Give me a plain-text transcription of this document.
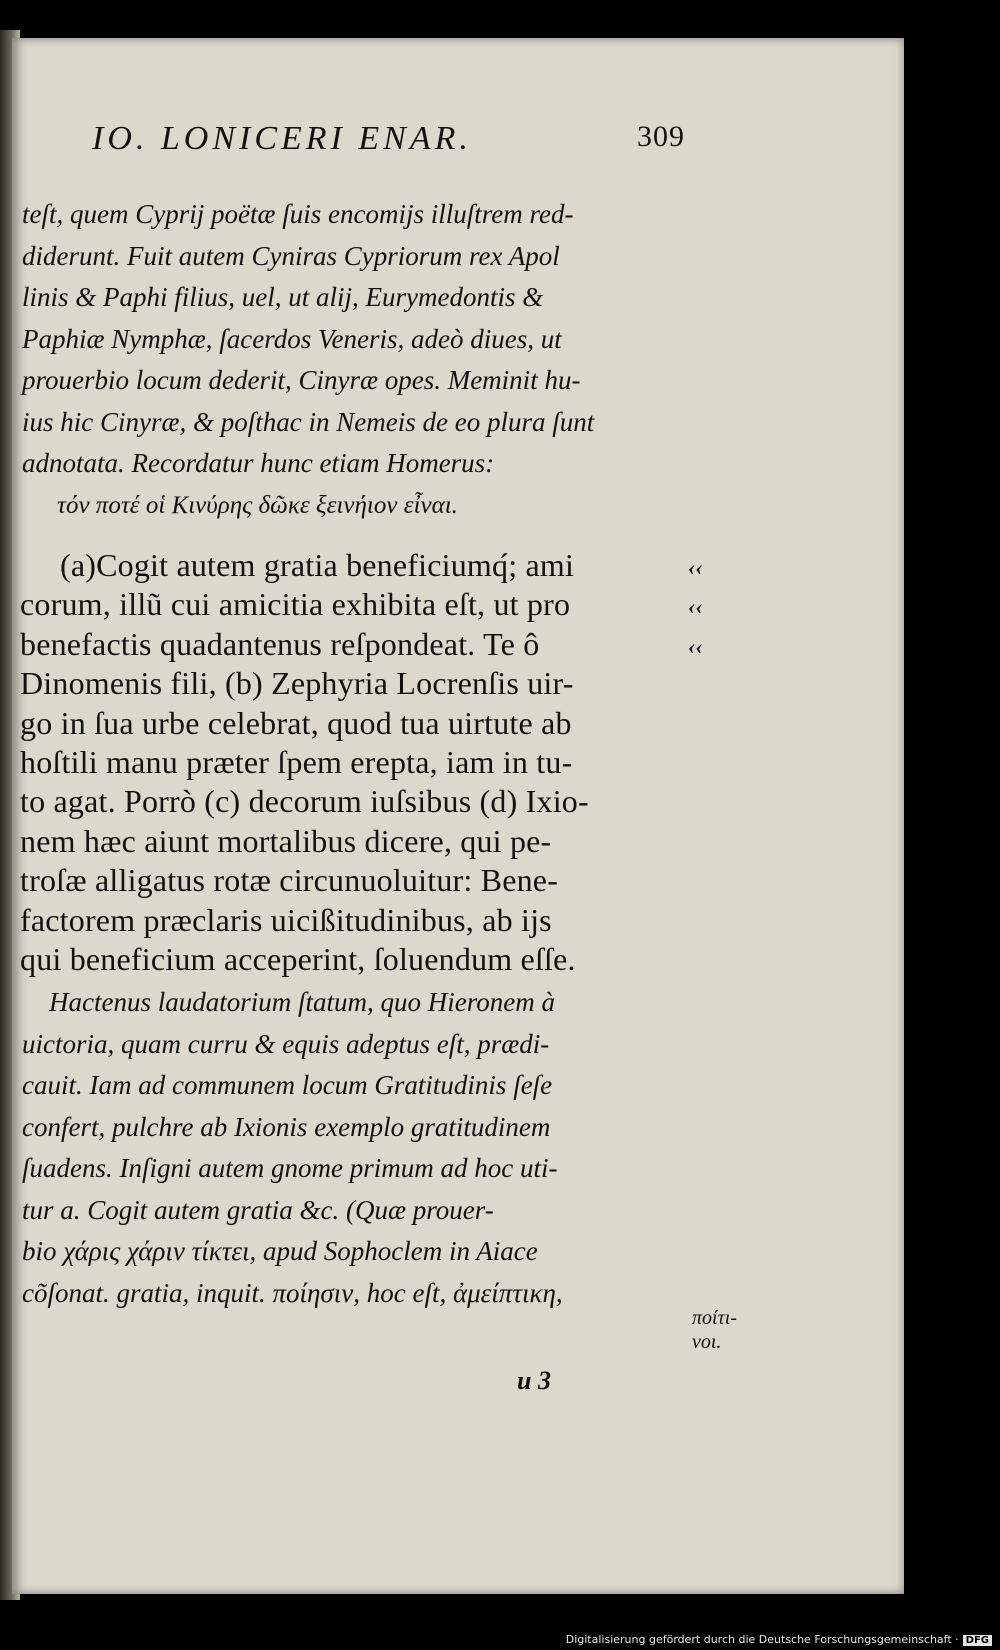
IO. LONICERI ENAR.	309
teſt, quem Cyprij poëtæ ſuis encomijs illuſtrem red-
diderunt. Fuit autem Cyniras Cypriorum rex Apol
linis & Paphi filius, uel, ut alij, Eurymedontis &
Paphiæ Nymphæ, ſacerdos Veneris, adeò diues, ut
prouerbio locum dederit, Cinyræ opes. Meminit hu-
ius hic Cinyræ, & poſthac in Nemeis de eo plura ſunt
adnotata. Recordatur hunc etiam Homerus:
τόν ποτέ οἱ Κινύρης δῶκε ξεινήιον εἶναι.
(a)Cogit autem gratia beneficiumq́; ami
corum, illũ cui amicitia exhibita eſt, ut pro
benefactis quadantenus reſpondeat. Te ô
Dinomenis fili, (b) Zephyria Locrenſis uir-
go in ſua urbe celebrat, quod tua uirtute ab
hoſtili manu præter ſpem erepta, iam in tu-
to agat. Porrò (c) decorum iuſsibus (d) Ixio-
nem hæc aiunt mortalibus dicere, qui pe-
troſæ alligatus rotæ circunuoluitur: Bene-
factorem præclaris uicißitudinibus, ab ijs
qui beneficium acceperint, ſoluendum eſſe.
‹‹
‹‹
‹‹
Hactenus laudatorium ſtatum, quo Hieronem à
uictoria, quam curru & equis adeptus eſt, prædi-
cauit. Iam ad communem locum Gratitudinis ſeſe
confert, pulchre ab Ixionis exemplo gratitudinem
ſuadens. Inſigni autem gnome primum ad hoc uti-
tur a. Cogit autem gratia &c. (Quæ prouer-
bio χάρις χάριν τίκτει, apud Sophoclem in Aiace
cõſonat. gratia, inquit. ποίησιν, hoc eſt, ἀμείπτικη,
ποίτι-
νοι.
u 3
Digitalisierung gefördert durch die Deutsche Forschungsgemeinschaft · DFG
